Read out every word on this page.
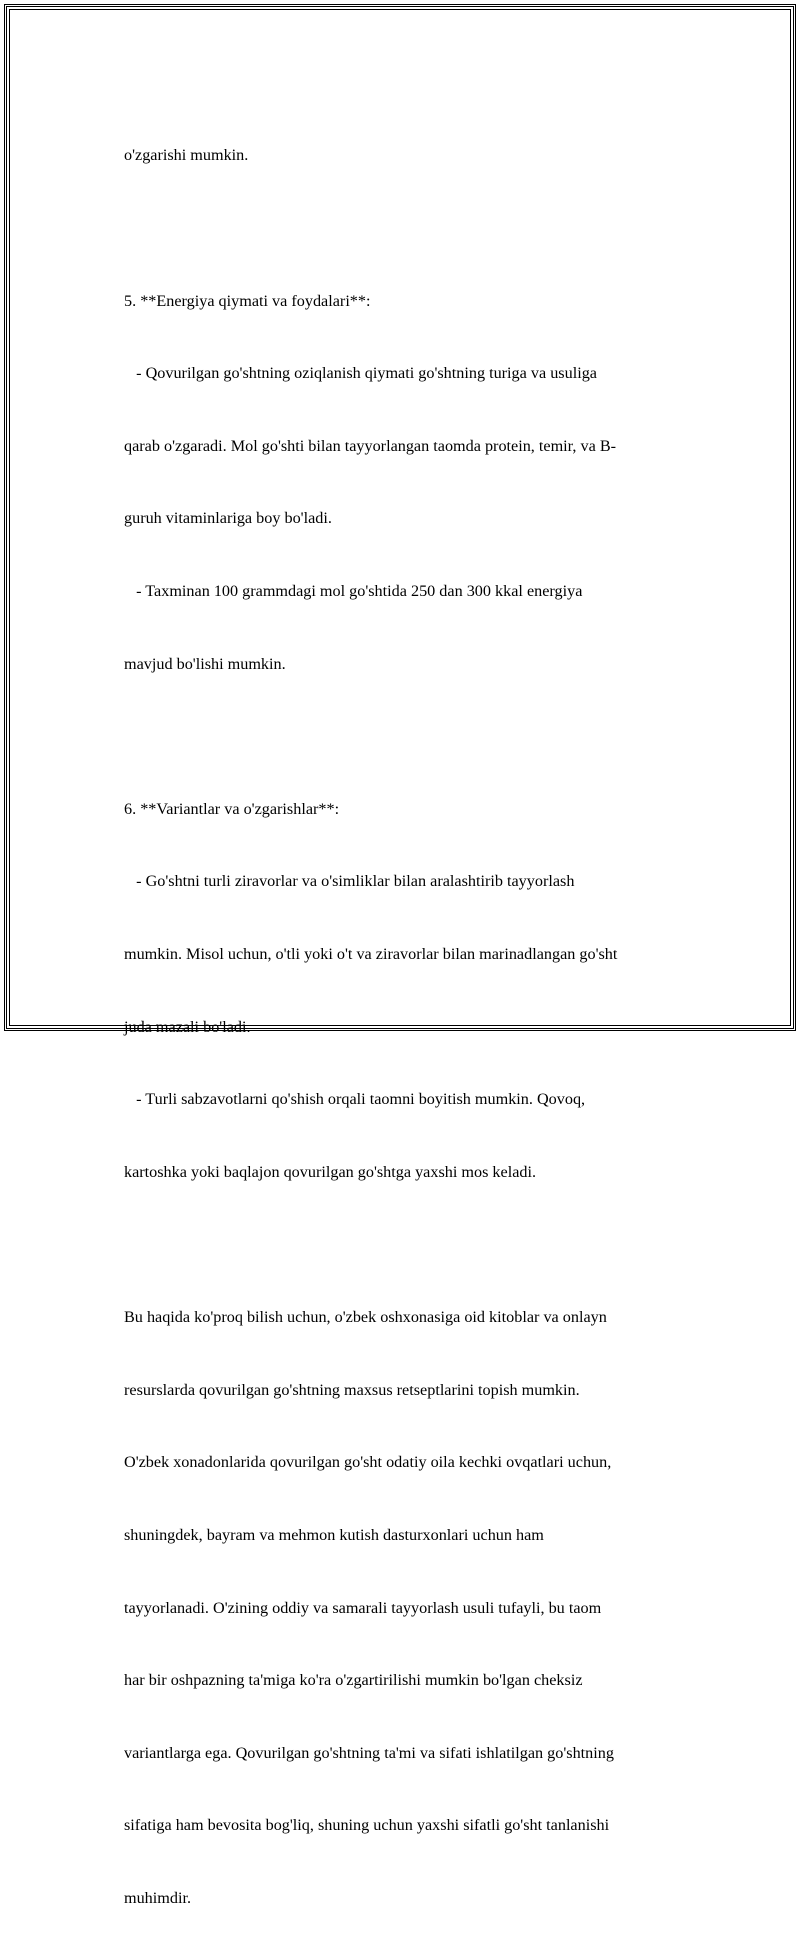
o'zgarishi mumkin.

5. **Energiya qiymati va foydalari**:

- Qovurilgan go'shtning oziqlanish qiymati go'shtning turiga va usuliga

qarab o'zgaradi. Mol go'shti bilan tayyorlangan taomda protein, temir, va B-

guruh vitaminlariga boy bo'ladi.

- Taxminan 100 grammdagi mol go'shtida 250 dan 300 kkal energiya

mavjud bo'lishi mumkin.

6. **Variantlar va o'zgarishlar**:

- Go'shtni turli ziravorlar va o'simliklar bilan aralashtirib tayyorlash

mumkin. Misol uchun, o'tli yoki o't va ziravorlar bilan marinadlangan go'sht

juda mazali bo'ladi.

- Turli sabzavotlarni qo'shish orqali taomni boyitish mumkin. Qovoq,

kartoshka yoki baqlajon qovurilgan go'shtga yaxshi mos keladi.

Bu haqida ko'proq bilish uchun, o'zbek oshxonasiga oid kitoblar va onlayn

resurslarda qovurilgan go'shtning maxsus retseptlarini topish mumkin.

O'zbek xonadonlarida qovurilgan go'sht odatiy oila kechki ovqatlari uchun,

shuningdek, bayram va mehmon kutish dasturxonlari uchun ham

tayyorlanadi. O'zining oddiy va samarali tayyorlash usuli tufayli, bu taom

har bir oshpazning ta'miga ko'ra o'zgartirilishi mumkin bo'lgan cheksiz

variantlarga ega. Qovurilgan go'shtning ta'mi va sifati ishlatilgan go'shtning

sifatiga ham bevosita bog'liq, shuning uchun yaxshi sifatli go'sht tanlanishi

muhimdir.
